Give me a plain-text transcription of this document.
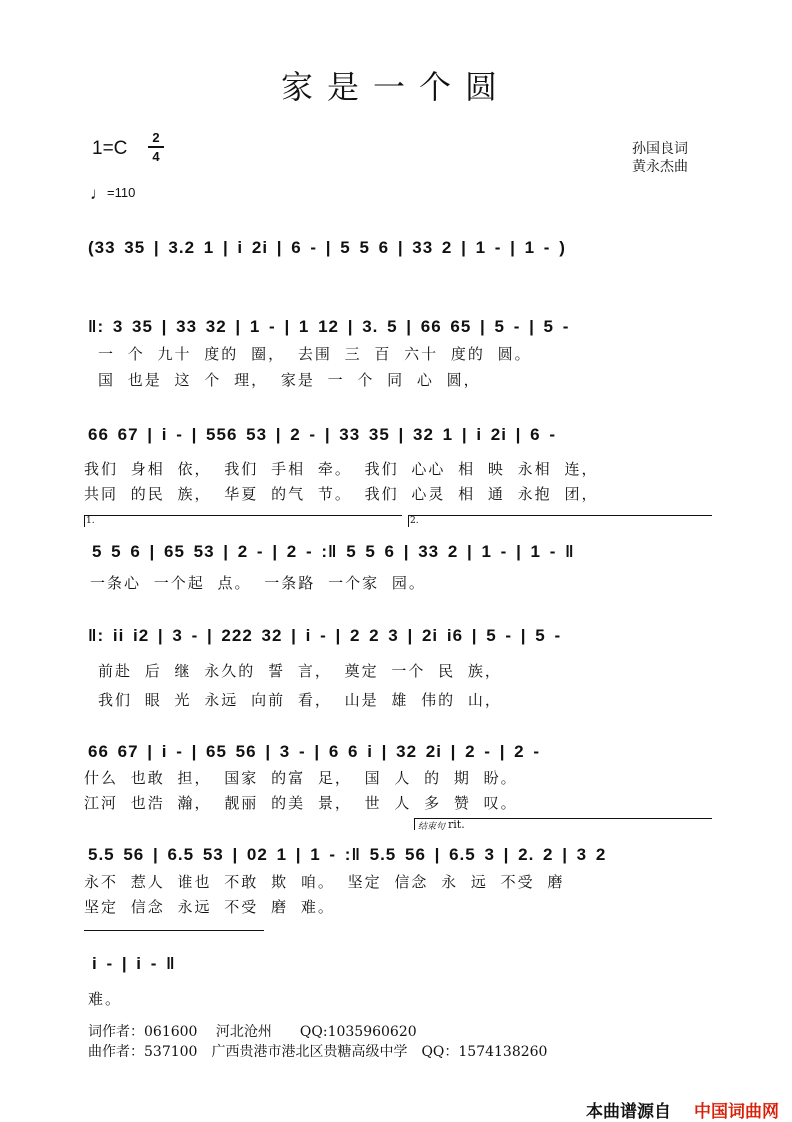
家是一个圆
1=C
2
4	孙国良词
黄永杰曲
♩=110
(33 35 | 3.2 1 | i 2i | 6 - | 5 5 6 | 33 2 | 1 - | 1 - )
‖: 3 35 | 33 32 | 1 - | 1 12 | 3. 5 | 66 65 | 5 - | 5 -
一 个 九十 度的 圈， 去围 三 百 六十 度的 圆。
国 也是 这 个 理， 家是 一 个 同 心 圆，
66 67 | i - | 556 53 | 2 - | 33 35 | 32 1 | i 2i | 6 -
我们 身相 依， 我们 手相 牵。 我们 心心 相 映 永相 连，
共同 的民 族， 华夏 的气 节。 我们 心灵 相 通 永抱 团，
1.	2.
5 5 6 | 65 53 | 2 - | 2 - :‖ 5 5 6 | 33 2 | 1 - | 1 - ‖
一条心 一个起 点。 一条路 一个家 园。
‖: ii i2 | 3 - | 222 32 | i - | 2 2 3 | 2i i6 | 5 - | 5 -
前赴 后 继 永久的 誓 言， 奠定 一个 民 族，
我们 眼 光 永远 向前 看， 山是 雄 伟的 山，
66 67 | i - | 65 56 | 3 - | 6 6 i | 32 2i | 2 - | 2 -
什么 也敢 担， 国家 的富 足， 国 人 的 期 盼。
江河 也浩 瀚， 靓丽 的美 景， 世 人 多 赞 叹。
结束句 rit.
5.5 56 | 6.5 53 | 02 1 | 1 - :‖ 5.5 56 | 6.5 3 | 2. 2 | 3 2
永不 惹人 谁也 不敢 欺 咱。 坚定 信念 永 远 不受 磨
坚定 信念 永远 不受 磨 难。
i - | i - ‖
难。
词作者：061600　 河北沧州　　QQ:1035960620
曲作者：537100　广西贵港市港北区贵糖高级中学　QQ：1574138260
本曲谱源自 中国词曲网
